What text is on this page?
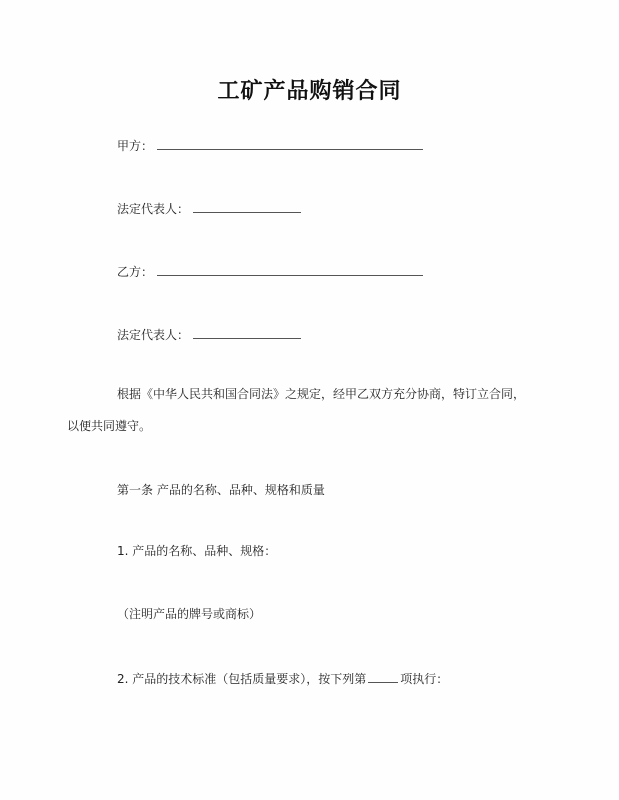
工矿产品购销合同
甲方：
法定代表人：
乙方：
法定代表人：
根据《中华人民共和国合同法》之规定，经甲乙双方充分协商，特订立合同，
以便共同遵守。
第一条 产品的名称、品种、规格和质量
1. 产品的名称、品种、规格：
（注明产品的牌号或商标）
2. 产品的技术标准（包括质量要求），按下列第	项执行：
